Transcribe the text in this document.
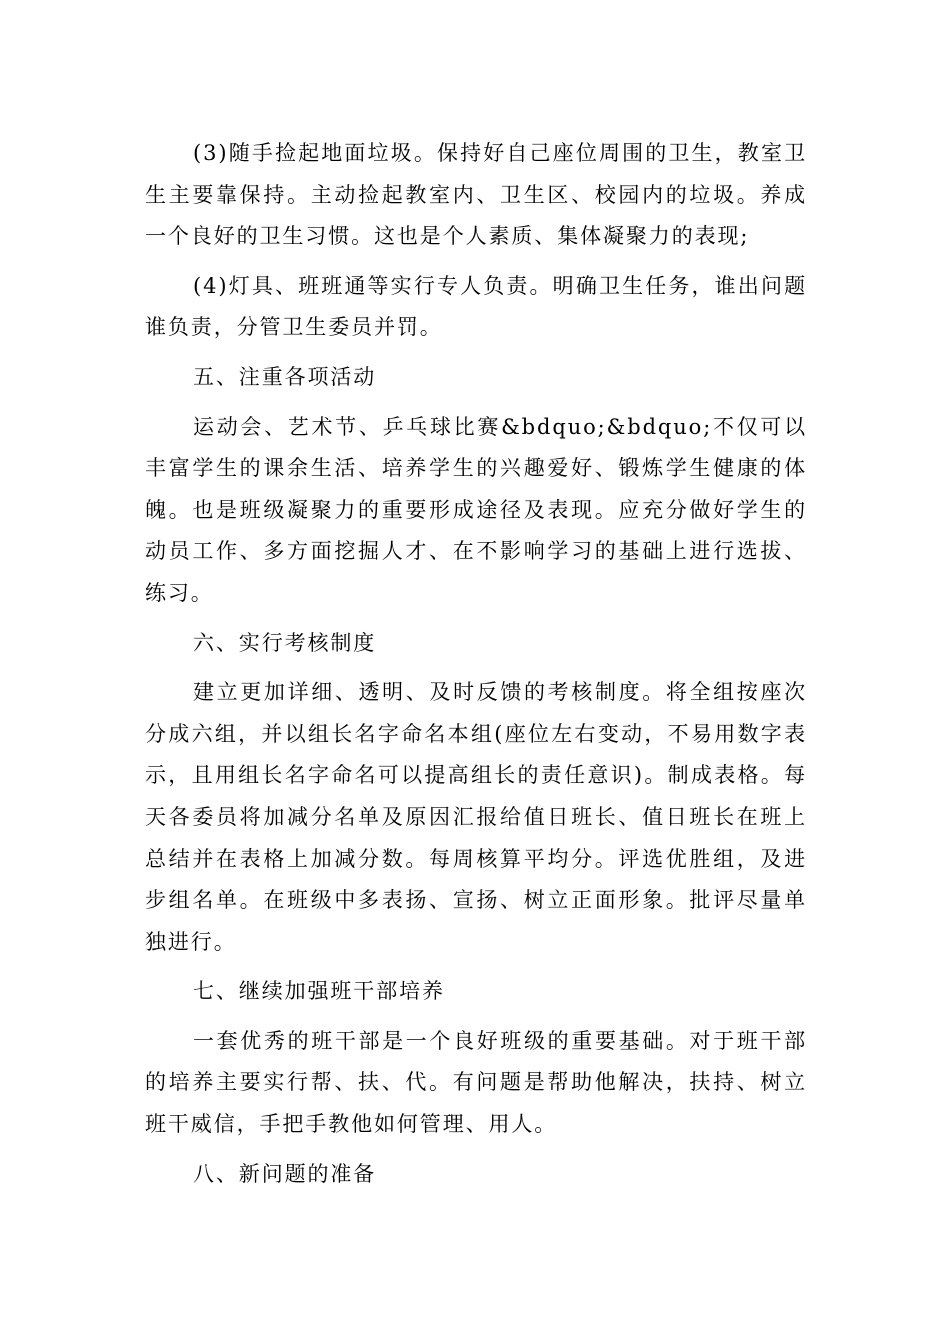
(3)随手捡起地面垃圾。保持好自己座位周围的卫生，教室卫生主要靠保持。主动捡起教室内、卫生区、校园内的垃圾。养成一个良好的卫生习惯。这也是个人素质、集体凝聚力的表现;

(4)灯具、班班通等实行专人负责。明确卫生任务，谁出问题谁负责，分管卫生委员并罚。

五、注重各项活动

运动会、艺术节、乒乓球比赛&bdquo;&bdquo;不仅可以丰富学生的课余生活、培养学生的兴趣爱好、锻炼学生健康的体魄。也是班级凝聚力的重要形成途径及表现。应充分做好学生的动员工作、多方面挖掘人才、在不影响学习的基础上进行选拔、练习。

六、实行考核制度

建立更加详细、透明、及时反馈的考核制度。将全组按座次分成六组，并以组长名字命名本组(座位左右变动，不易用数字表示，且用组长名字命名可以提高组长的责任意识)。制成表格。每天各委员将加减分名单及原因汇报给值日班长、值日班长在班上总结并在表格上加减分数。每周核算平均分。评选优胜组，及进步组名单。在班级中多表扬、宣扬、树立正面形象。批评尽量单独进行。

七、继续加强班干部培养

一套优秀的班干部是一个良好班级的重要基础。对于班干部的培养主要实行帮、扶、代。有问题是帮助他解决，扶持、树立班干威信，手把手教他如何管理、用人。

八、新问题的准备
